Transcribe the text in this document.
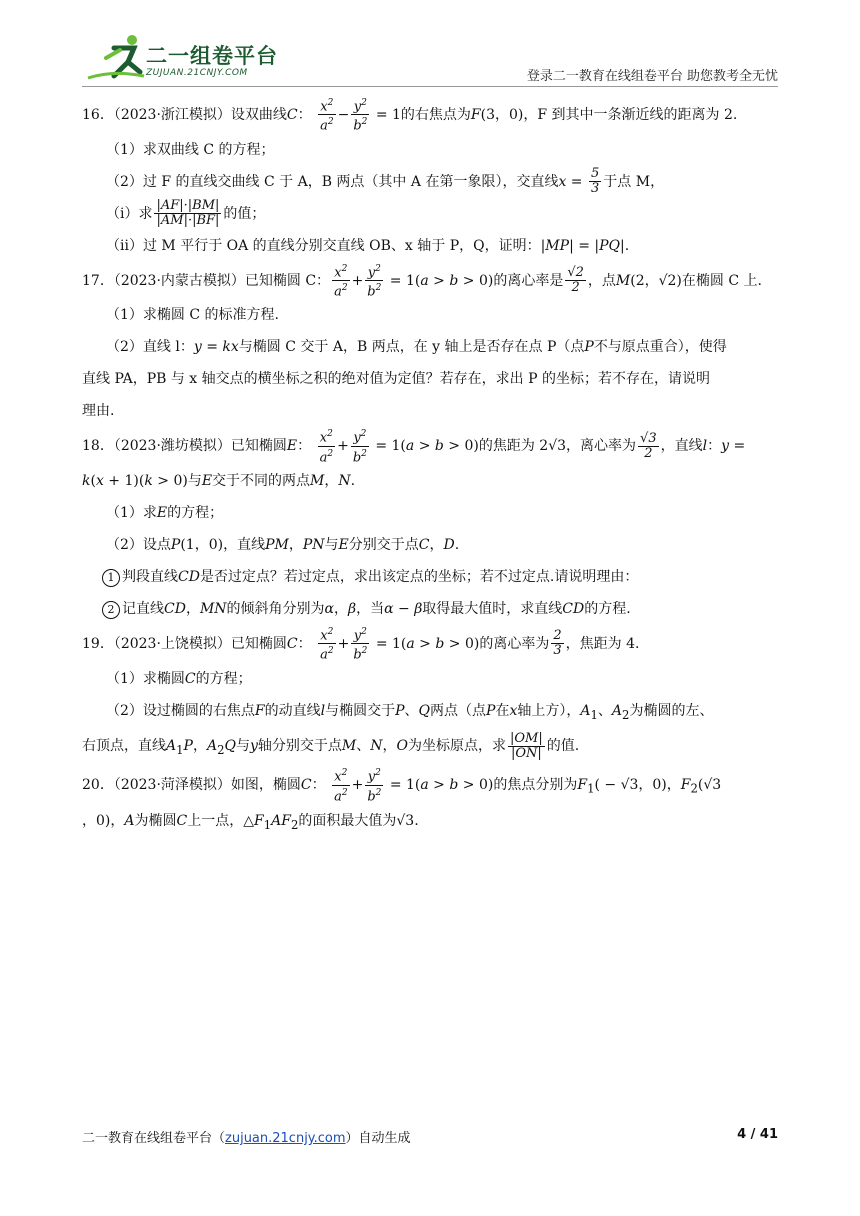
二一组卷平台
ZUJUAN.21CNJY.COM	登录二一教育在线组卷平台 助您教考全无忧

16．（2023·浙江模拟）设双曲线C： $\frac{x^2}{a^2} - \frac{y^2}{b^2} = 1$的右焦点为F(3，0)，F 到其中一条渐近线的距离为 2.

（1）求双曲线 C 的方程；

（2）过 F 的直线交曲线 C 于 A，B 两点（其中 A 在第一象限），交直线$x = \frac{5}{3}$ 于点 M，

（i）求 $\frac{|AF|\cdot|BM|}{|AM|\cdot|BF|}$ 的值；

（ii）过 M 平行于 OA 的直线分别交直线 OB、x 轴于 P，Q，证明：|MP| = |PQ|.

17．（2023·内蒙古模拟）已知椭圆 C： $\frac{x^2}{a^2} + \frac{y^2}{b^2} = 1(a > b > 0)$的离心率是 $\frac{√2}{2}$ ，点M(2，√2)在椭圆 C 上.

（1）求椭圆 C 的标准方程.

（2）直线 l：y = kx与椭圆 C 交于 A，B 两点，在 y 轴上是否存在点 P（点P不与原点重合），使得

直线 PA，PB 与 x 轴交点的横坐标之积的绝对值为定值？若存在，求出 P 的坐标；若不存在，请说明

理由.

18．（2023·潍坊模拟）已知椭圆E： $\frac{x^2}{a^2} + \frac{y^2}{b^2} = 1(a > b > 0)$的焦距为 2√3，离心率为 $\frac{√3}{2}$ ，直线l：y =

k(x + 1)(k > 0)与E交于不同的两点M，N.

（1）求E的方程；

（2）设点P(1，0)，直线PM，PN与E分别交于点C，D.

1 判段直线CD是否过定点？若过定点，求出该定点的坐标；若不过定点.请说明理由：

2 记直线CD，MN的倾斜角分别为α，β，当α − β取得最大值时，求直线CD的方程.

19．（2023·上饶模拟）已知椭圆C： $\frac{x^2}{a^2} + \frac{y^2}{b^2} = 1(a > b > 0)$的离心率为 $\frac{2}{3}$ ，焦距为 4.

（1）求椭圆C的方程；

（2）设过椭圆的右焦点F的动直线l与椭圆交于P、Q两点（点P在x轴上方），$A_1$、$A_2$为椭圆的左、

右顶点，直线$A_1P$，$A_2Q$与y轴分别交于点M、N，O为坐标原点，求 $\frac{|OM|}{|ON|}$ 的值.

20．（2023·菏泽模拟）如图，椭圆C： $\frac{x^2}{a^2} + \frac{y^2}{b^2} = 1(a > b > 0)$的焦点分别为$F_1( - √3$，0)，$F_2(√3$

，0)，A为椭圆C上一点，$\triangle F_1AF_2$的面积最大值为√3.

二一教育在线组卷平台（zujuan.21cnjy.com）自动生成	4 / 41
